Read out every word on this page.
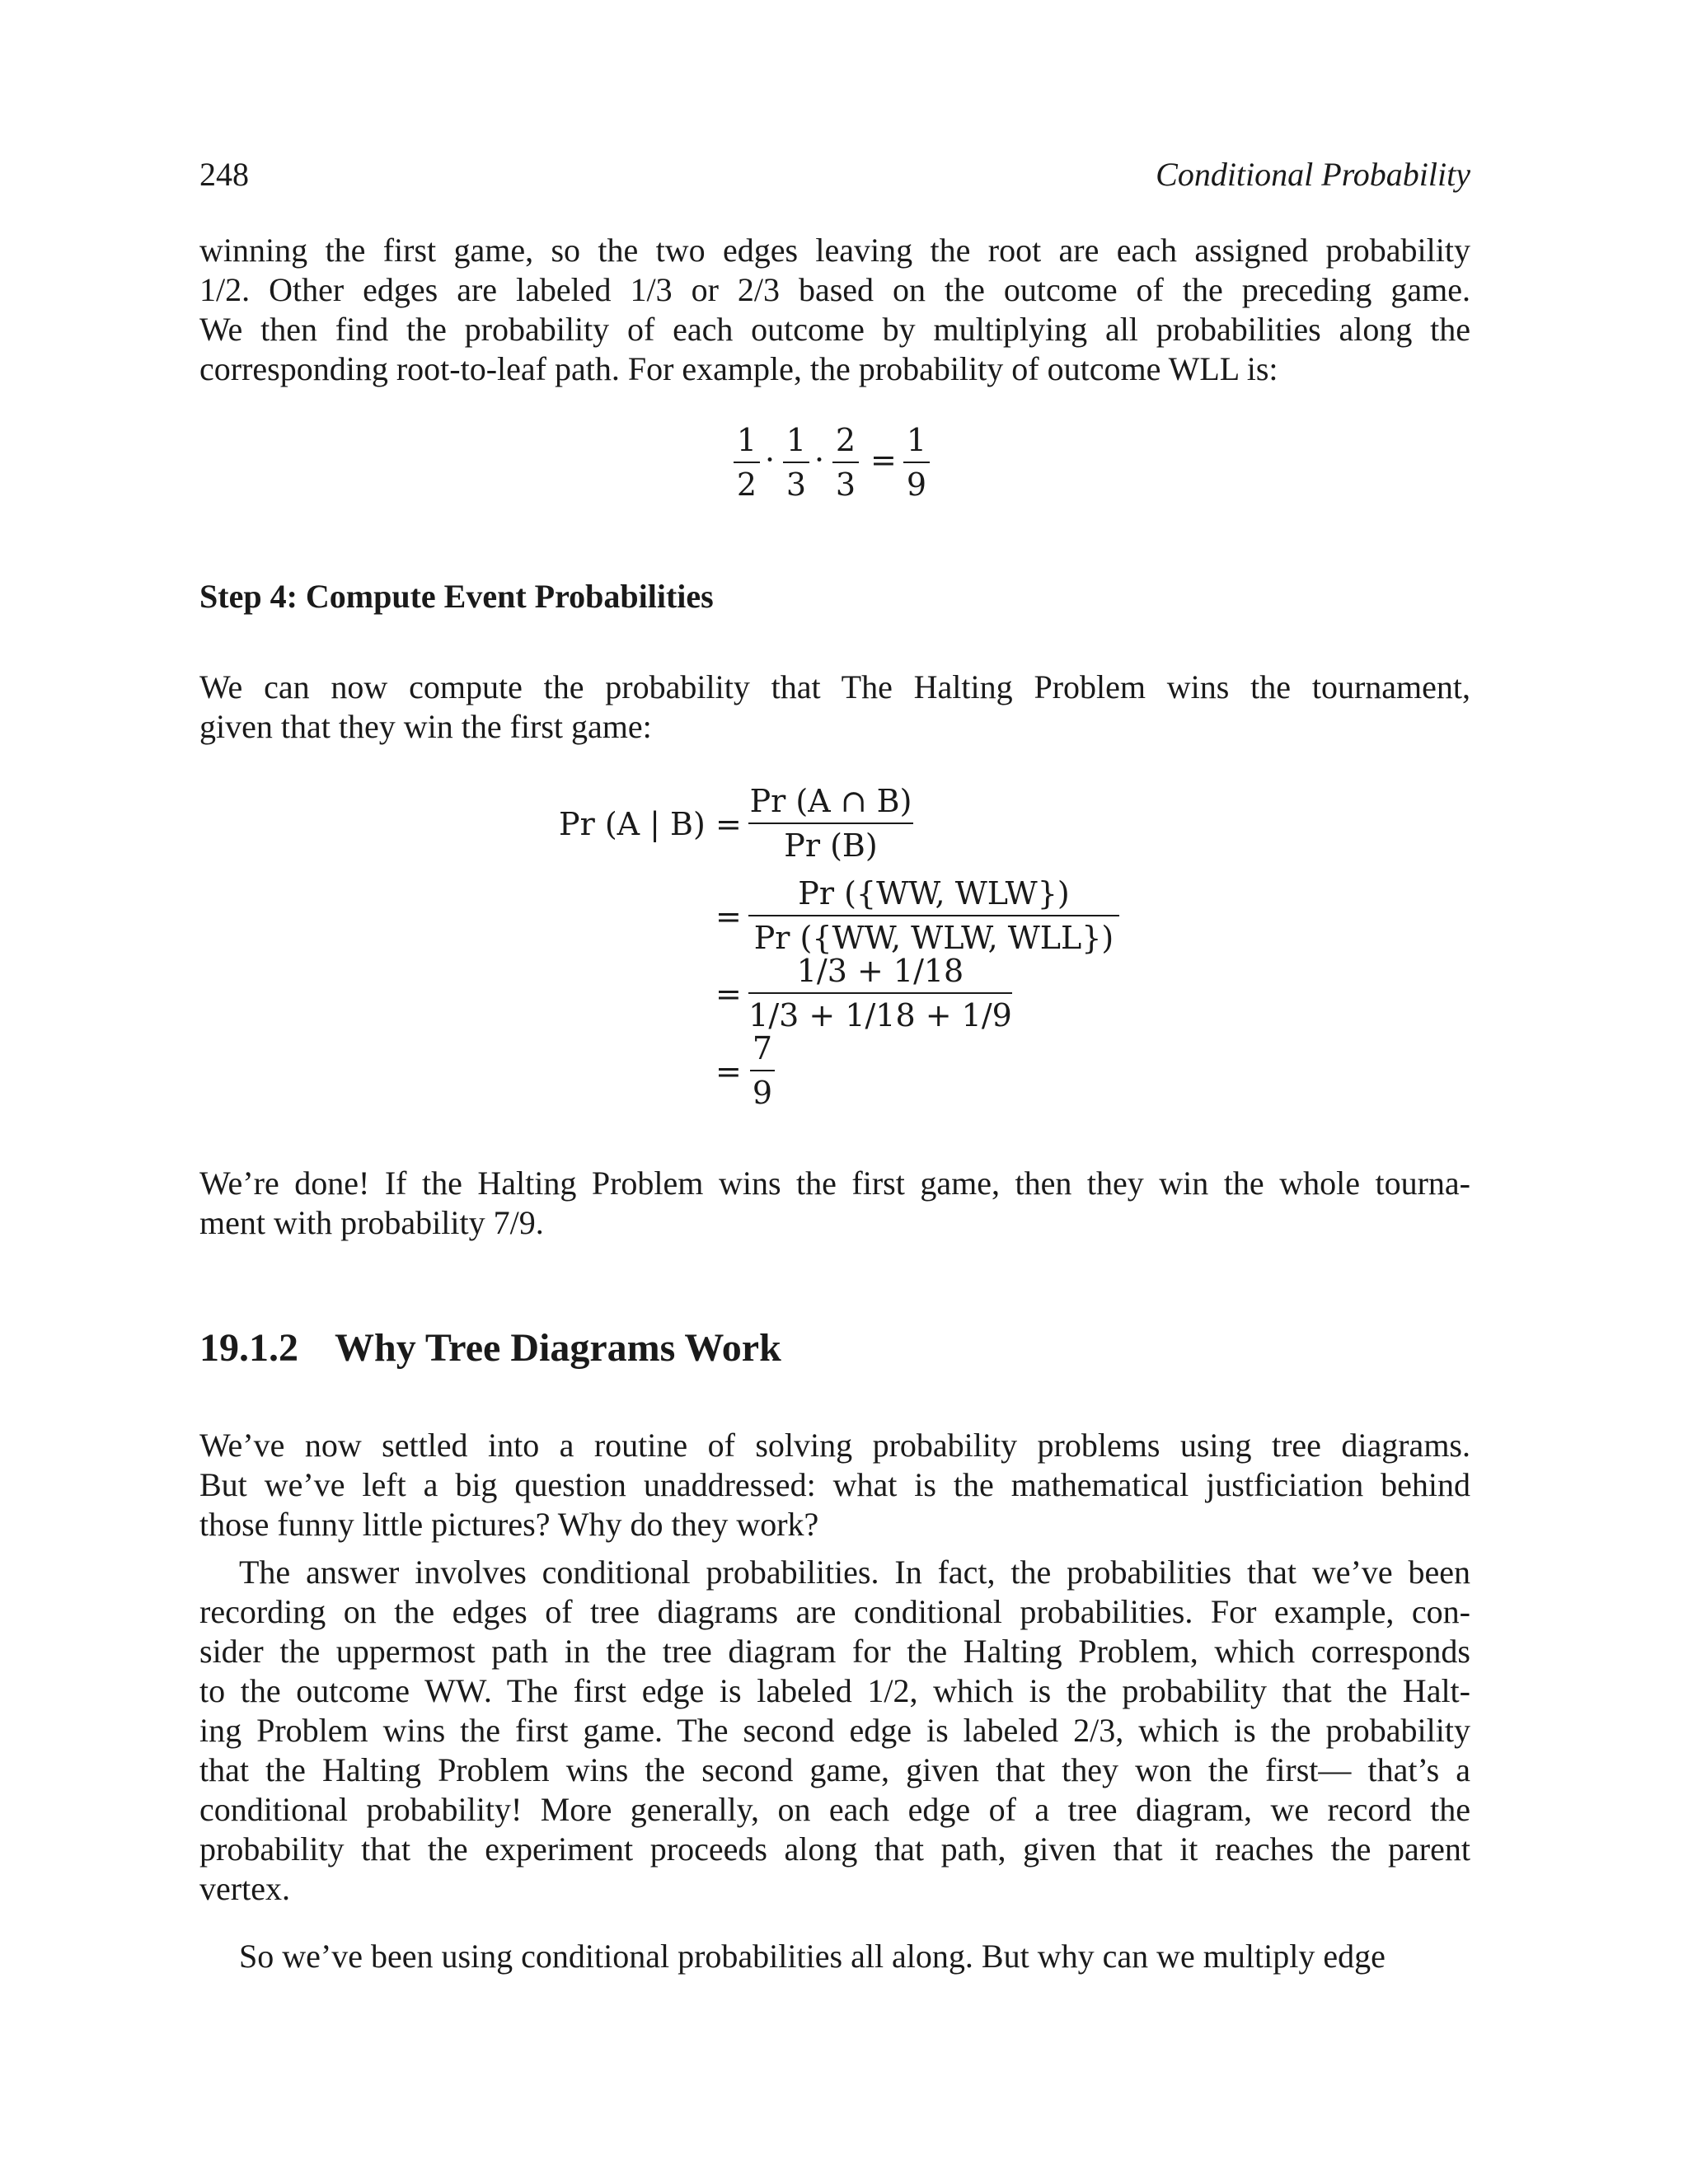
248	Conditional Probability
winning the first game, so the two edges leaving the root are each assigned probability
1/2. Other edges are labeled 1/3 or 2/3 based on the outcome of the preceding game.
We then find the probability of each outcome by multiplying all probabilities along the
corresponding root-to-leaf path. For example, the probability of outcome WLL is:
1
2
·
1
3
·
2
3
=
1
9
Step 4: Compute Event Probabilities
We can now compute the probability that The Halting Problem wins the tournament,
given that they win the first game:
Pr (A | B) =
Pr (A ∩ B)
Pr (B)
=
Pr ({WW, WLW})
Pr ({WW, WLW, WLL})
=
1/3 + 1/18
1/3 + 1/18 + 1/9
=
7
9
We’re done! If the Halting Problem wins the first game, then they win the whole tourna-
ment with probability 7/9.
19.1.2 Why Tree Diagrams Work
We’ve now settled into a routine of solving probability problems using tree diagrams.
But we’ve left a big question unaddressed: what is the mathematical justficiation behind
those funny little pictures? Why do they work?
The answer involves conditional probabilities. In fact, the probabilities that we’ve been
recording on the edges of tree diagrams are conditional probabilities. For example, con-
sider the uppermost path in the tree diagram for the Halting Problem, which corresponds
to the outcome WW. The first edge is labeled 1/2, which is the probability that the Halt-
ing Problem wins the first game. The second edge is labeled 2/3, which is the probability
that the Halting Problem wins the second game, given that they won the first— that’s a
conditional probability! More generally, on each edge of a tree diagram, we record the
probability that the experiment proceeds along that path, given that it reaches the parent
vertex.
So we’ve been using conditional probabilities all along. But why can we multiply edge
